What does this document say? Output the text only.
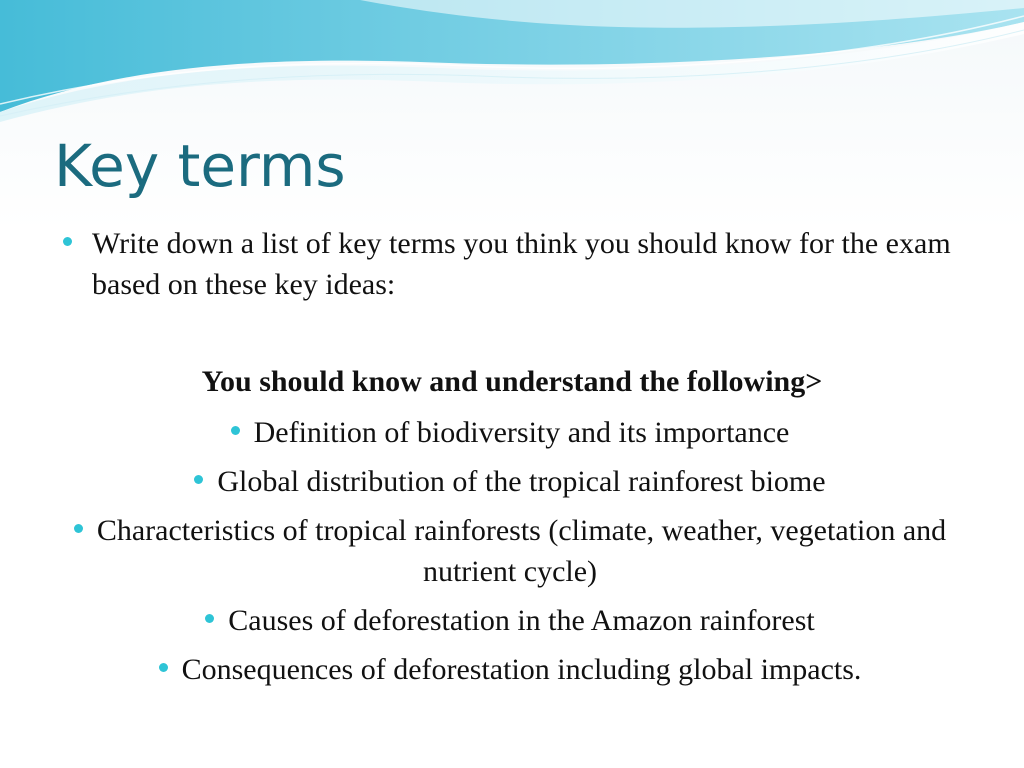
Key terms
Write down a list of key terms you think you should know for the exam based on these key ideas:
You should know and understand the following>
Definition of biodiversity and its importance
Global distribution of the tropical rainforest biome
Characteristics of tropical rainforests (climate, weather, vegetation and nutrient cycle)
Causes of deforestation in the Amazon rainforest
Consequences of deforestation including global impacts.
